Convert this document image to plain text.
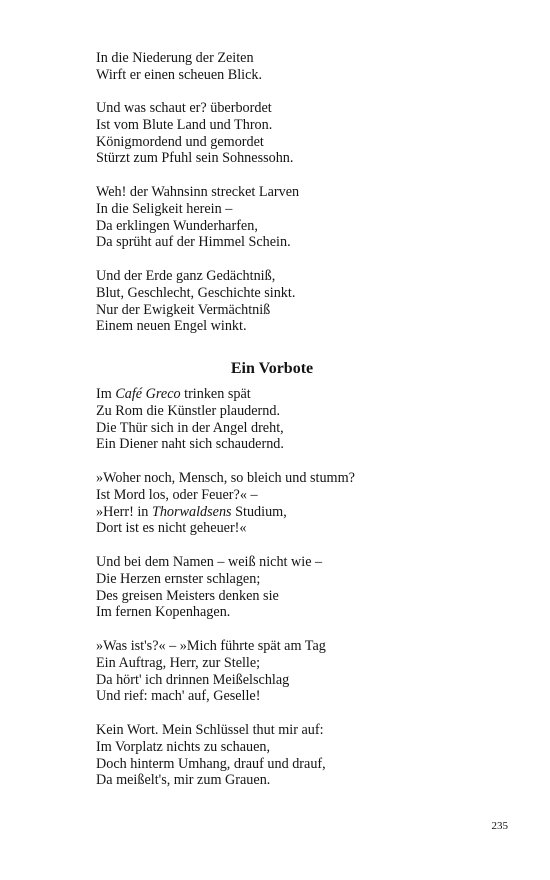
In die Niederung der Zeiten
Wirft er einen scheuen Blick.

Und was schaut er? überbordet
Ist vom Blute Land und Thron.
Königmordend und gemordet
Stürzt zum Pfuhl sein Sohnessohn.

Weh! der Wahnsinn strecket Larven
In die Seligkeit herein –
Da erklingen Wunderharfen,
Da sprüht auf der Himmel Schein.

Und der Erde ganz Gedächtniß,
Blut, Geschlecht, Geschichte sinkt.
Nur der Ewigkeit Vermächtniß
Einem neuen Engel winkt.

Ein Vorbote

Im Café Greco trinken spät
Zu Rom die Künstler plaudernd.
Die Thür sich in der Angel dreht,
Ein Diener naht sich schaudernd.

»Woher noch, Mensch, so bleich und stumm?
Ist Mord los, oder Feuer?« –
»Herr! in Thorwaldsens Studium,
Dort ist es nicht geheuer!«

Und bei dem Namen – weiß nicht wie –
Die Herzen ernster schlagen;
Des greisen Meisters denken sie
Im fernen Kopenhagen.

»Was ist's?« – »Mich führte spät am Tag
Ein Auftrag, Herr, zur Stelle;
Da hört' ich drinnen Meißelschlag
Und rief: mach' auf, Geselle!

Kein Wort. Mein Schlüssel thut mir auf:
Im Vorplatz nichts zu schauen,
Doch hinterm Umhang, drauf und drauf,
Da meißelt's, mir zum Grauen.

235
